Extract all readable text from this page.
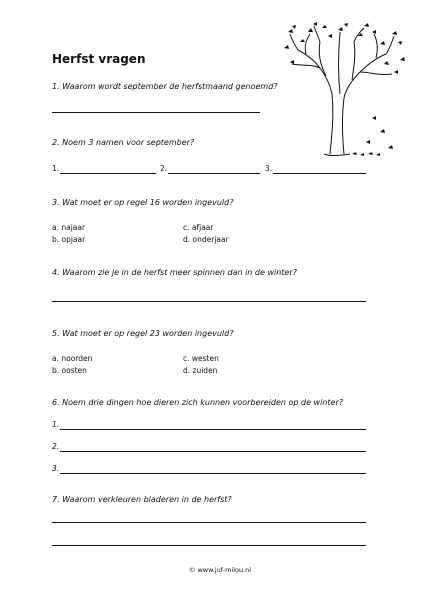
Herfst vragen
1. Waarom wordt september de herfstmaand genoemd?
2. Noem 3 namen voor september?
1.	2.	3.
3. Wat moet er op regel 16 worden ingevuld?
a. najaar	c. afjaar
b. opjaar	d. onderjaar
4. Waarom zie je in de herfst meer spinnen dan in de winter?
5. Wat moet er op regel 23 worden ingevuld?
a. noorden	c. westen
b. oosten	d. zuiden
6. Noem drie dingen hoe dieren zich kunnen voorbereiden op de winter?
1.
2.
3.
7. Waarom verkleuren bladeren in de herfst?
© www.juf-milou.nl
